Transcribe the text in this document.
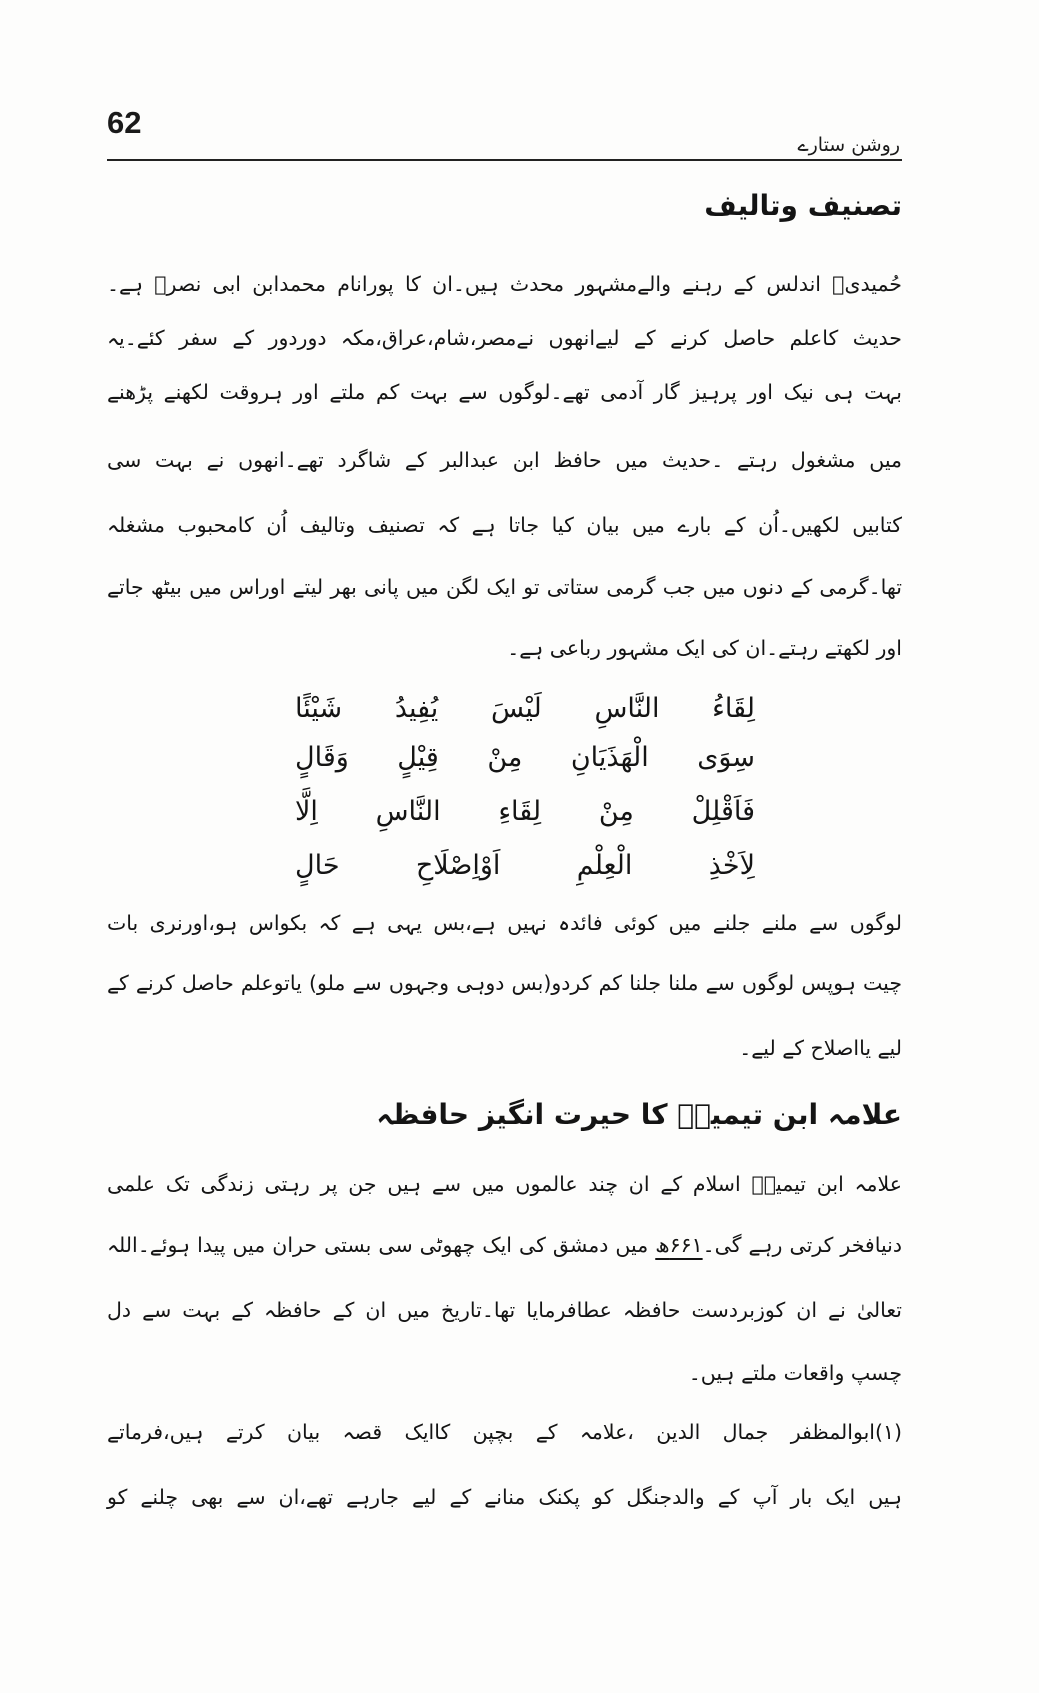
62
روشن ستارے
تصنیف وتالیف
حُمیدیؒ اندلس کے رہنے والےمشہور محدث ہیں۔ان کا پورانام محمدابن ابی نصرؒ ہے۔
حدیث کاعلم حاصل کرنے کے لیےانھوں نےمصر،شام،عراق،مکہ دوردور کے سفر کئے۔یہ
بہت ہی نیک اور پرہیز گار آدمی تھے۔لوگوں سے بہت کم ملتے اور ہروقت لکھنے پڑھنے
میں مشغول رہتے ۔حدیث میں حافظ ابن عبدالبر کے شاگرد تھے۔انھوں نے بہت سی
کتابیں لکھیں۔اُن کے بارے میں بیان کیا جاتا ہے کہ تصنیف وتالیف اُن کامحبوب مشغلہ
تھا۔گرمی کے دنوں میں جب گرمی ستاتی تو ایک لگن میں پانی بھر لیتے اوراس میں بیٹھ جاتے
اور لکھتے رہتے۔ان کی ایک مشہور رباعی ہے۔
لِقَاءُ النَّاسِ لَيْسَ يُفِيدُ شَيْئًا
سِوَى الْهَذَيَانِ مِنْ قِيْلٍ وَقَالٍ
فَاَقْلِلْ مِنْ لِقَاءِ النَّاسِ اِلَّا
لِاَخْذِ الْعِلْمِ اَوْاِصْلَاحِ حَالٍ
لوگوں سے ملنے جلنے میں کوئی فائدہ نہیں ہے،بس یہی ہے کہ بکواس ہو،اورنری بات
چیت ہوپس لوگوں سے ملنا جلنا کم کردو(بس دوہی وجہوں سے ملو) یاتوعلم حاصل کرنے کے
لیے یااصلاح کے لیے۔
علامہ ابن تیمیہؒ کا حیرت انگیز حافظہ
علامہ ابن تیمیہؒ اسلام کے ان چند عالموں میں سے ہیں جن پر رہتی زندگی تک علمی
دنیافخر کرتی رہے گی۔۶۶۱ھ میں دمشق کی ایک چھوٹی سی بستی حران میں پیدا ہوئے۔اللہ
تعالیٰ نے ان کوزبردست حافظہ عطافرمایا تھا۔تاریخ میں ان کے حافظہ کے بہت سے دل
چسپ واقعات ملتے ہیں۔
(۱)ابوالمظفر جمال الدین ،علامہ کے بچپن کاایک قصہ بیان کرتے ہیں،فرماتے
ہیں ایک بار آپ کے والدجنگل کو پکنک منانے کے لیے جارہے تھے،ان سے بھی چلنے کو
